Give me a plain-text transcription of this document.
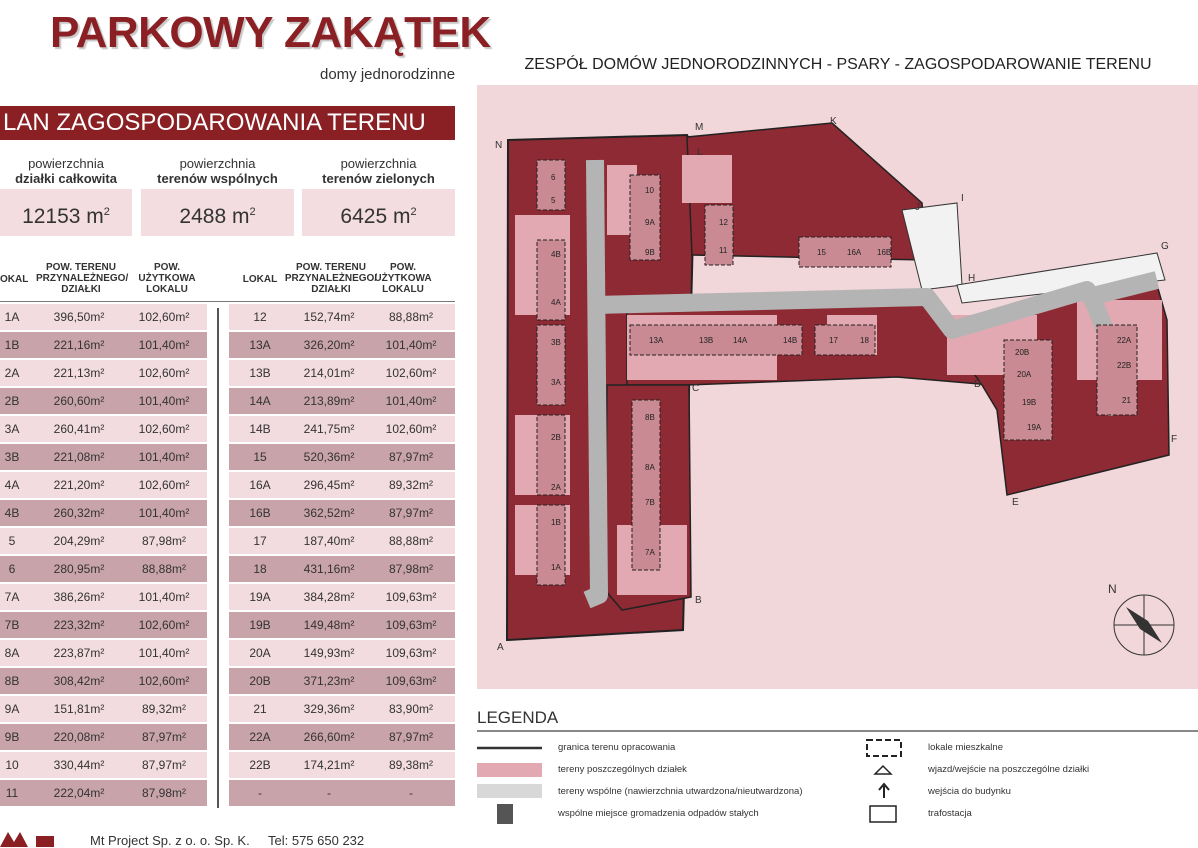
PARKOWY ZAKĄTEK
domy jednorodzinne
LAN ZAGOSPODAROWANIA TERENU
powierzchnia
działki całkowita
powierzchnia
terenów wspólnych
powierzchnia
terenów zielonych
12153 $m^2$	2488 $m^2$	6425 $m^2$
OKAL
POW. TERENU PRZYNALEŻNEGO/ DZIAŁKI
POW. UŻYTKOWA LOKALU
LOKAL
POW. TERENU PRZYNALEŻNEGO/ DZIAŁKI
POW. UŻYTKOWA LOKALU
1A	396,50m²	102,60m²
1B	221,16m²	101,40m²
2A	221,13m²	102,60m²
2B	260,60m²	101,40m²
3A	260,41m²	102,60m²
3B	221,08m²	101,40m²
4A	221,20m²	102,60m²
4B	260,32m²	101,40m²
5	204,29m²	87,98m²
6	280,95m²	88,88m²
7A	386,26m²	101,40m²
7B	223,32m²	102,60m²
8A	223,87m²	101,40m²
8B	308,42m²	102,60m²
9A	151,81m²	89,32m²
9B	220,08m²	87,97m²
10	330,44m²	87,97m²
11	222,04m²	87,98m²
12	152,74m²	88,88m²
13A	326,20m²	101,40m²
13B	214,01m²	102,60m²
14A	213,89m²	101,40m²
14B	241,75m²	102,60m²
15	520,36m²	87,97m²
16A	296,45m²	89,32m²
16B	362,52m²	87,97m²
17	187,40m²	88,88m²
18	431,16m²	87,98m²
19A	384,28m²	109,63m²
19B	149,48m²	109,63m²
20A	149,93m²	109,63m²
20B	371,23m²	109,63m²
21	329,36m²	83,90m²
22A	266,60m²	87,97m²
22B	174,21m²	89,38m²
-	-	-
Mt Project Sp. z o. o. Sp. K. Tel: 575 650 232
ZESPÓŁ DOMÓW JEDNORODZINNYCH - PSARY - ZAGOSPODAROWANIE TERENU
N
A
B
C	D
E
F
G
H
I
J
K
L
M
N
1A
1B
2A
2B
3A
3B
4A
4B
5
6
7A
7B
8A
8B
9A
9B
10
11
12
13A	13B 14A	14B
15	16A 16B
17	18
19A
19B
20A
20B
21
22A
22B
LEGENDA
granica terenu opracowania
tereny poszczególnych działek
tereny wspólne (nawierzchnia utwardzona/nieutwardzona)
wspólne miejsce gromadzenia odpadów stałych
lokale mieszkalne
wjazd/wejście na poszczególne działki
wejścia do budynku
trafostacja
